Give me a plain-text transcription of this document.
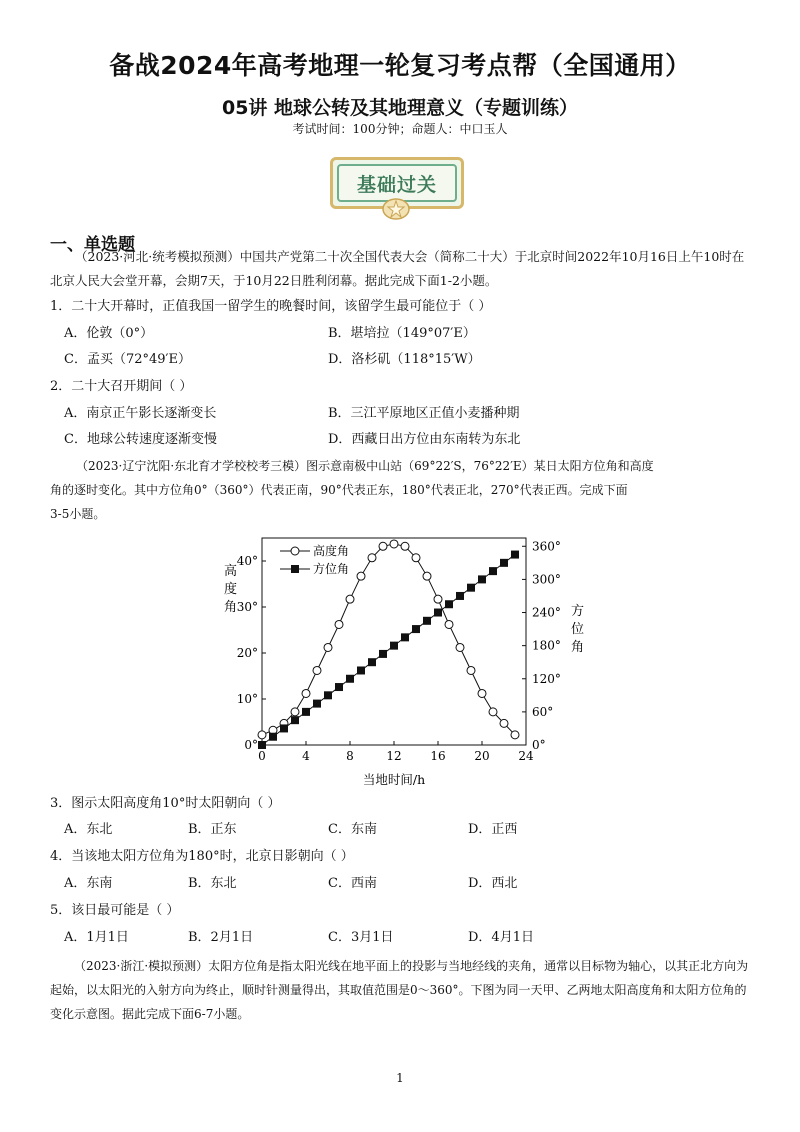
备战2024年高考地理一轮复习考点帮（全国通用）
05讲 地球公转及其地理意义（专题训练）
考试时间：100分钟；命题人：中口玉人
基础过关
一、单选题
（2023·河北·统考模拟预测）中国共产党第二十次全国代表大会（简称二十大）于北京时间2022年10月16日上午10时在北京人民大会堂开幕，会期7天，于10月22日胜利闭幕。据此完成下面1-2小题。
1．二十大开幕时，正值我国一留学生的晚餐时间，该留学生最可能位于（ ）
A．伦敦（0°）	B．堪培拉（149°07′E）
C．孟买（72°49′E）	D．洛杉矶（118°15′W）
2．二十大召开期间（ ）
A．南京正午影长逐渐变长	B．三江平原地区正值小麦播种期
C．地球公转速度逐渐变慢	D．西藏日出方位由东南转为东北
（2023·辽宁沈阳·东北育才学校校考三模）图示意南极中山站（69°22′S，76°22′E）某日太阳方位角和高度
角的逐时变化。其中方位角0°（360°）代表正南，90°代表正东，180°代表正北，270°代表正西。完成下面
3-5小题。
0	4	8	12 16 20 24
0°
10°
20°
30°
40°
0°
60°
120°
180°
240°
300°
360°
高度角
方位角
高
度
角	方
位
角
当地时间/h
3．图示太阳高度角10°时太阳朝向（ ）
A．东北	B．正东	C．东南	D．正西
4．当该地太阳方位角为180°时，北京日影朝向（ ）
A．东南	B．东北	C．西南	D．西北
5．该日最可能是（ ）
A．1月1日	B．2月1日	C．3月1日	D．4月1日
（2023·浙江·模拟预测）太阳方位角是指太阳光线在地平面上的投影与当地经线的夹角，通常以目标物为轴心，以其正北方向为起始，以太阳光的入射方向为终止，顺时针测量得出，其取值范围是0～360°。下图为同一天甲、乙两地太阳高度角和太阳方位角的变化示意图。据此完成下面6-7小题。
1
